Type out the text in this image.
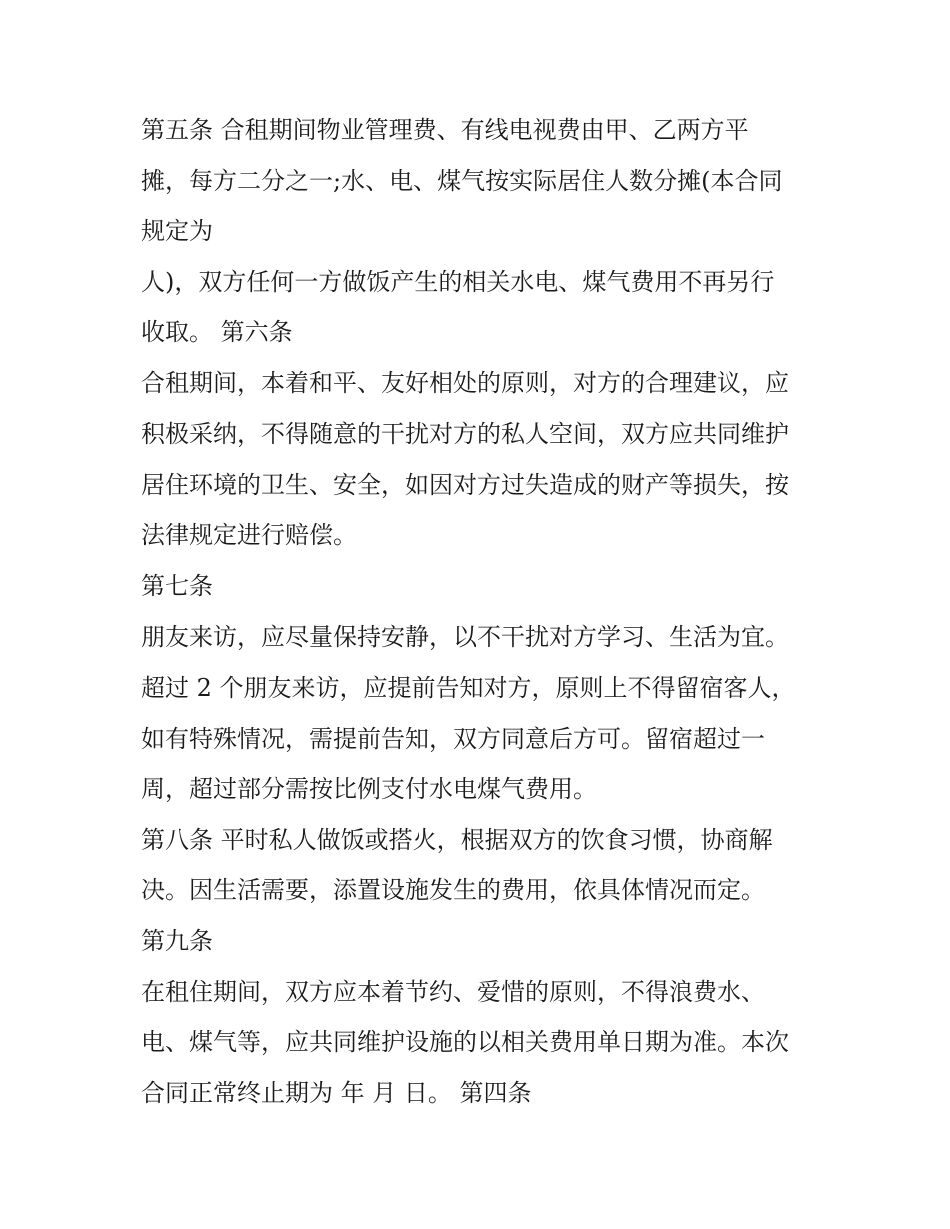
第五条 合租期间物业管理费、有线电视费由甲、乙两方平
摊，每方二分之一;水、电、煤气按实际居住人数分摊(本合同
规定为
人)，双方任何一方做饭产生的相关水电、煤气费用不再另行
收取。 第六条
合租期间，本着和平、友好相处的原则，对方的合理建议，应
积极采纳，不得随意的干扰对方的私人空间，双方应共同维护
居住环境的卫生、安全，如因对方过失造成的财产等损失，按
法律规定进行赔偿。
第七条
朋友来访，应尽量保持安静，以不干扰对方学习、生活为宜。
超过 2 个朋友来访，应提前告知对方，原则上不得留宿客人，
如有特殊情况，需提前告知，双方同意后方可。留宿超过一
周，超过部分需按比例支付水电煤气费用。
第八条 平时私人做饭或搭火，根据双方的饮食习惯，协商解
决。因生活需要，添置设施发生的费用，依具体情况而定。
第九条
在租住期间，双方应本着节约、爱惜的原则，不得浪费水、
电、煤气等，应共同维护设施的以相关费用单日期为准。本次
合同正常终止期为 年 月 日。 第四条
